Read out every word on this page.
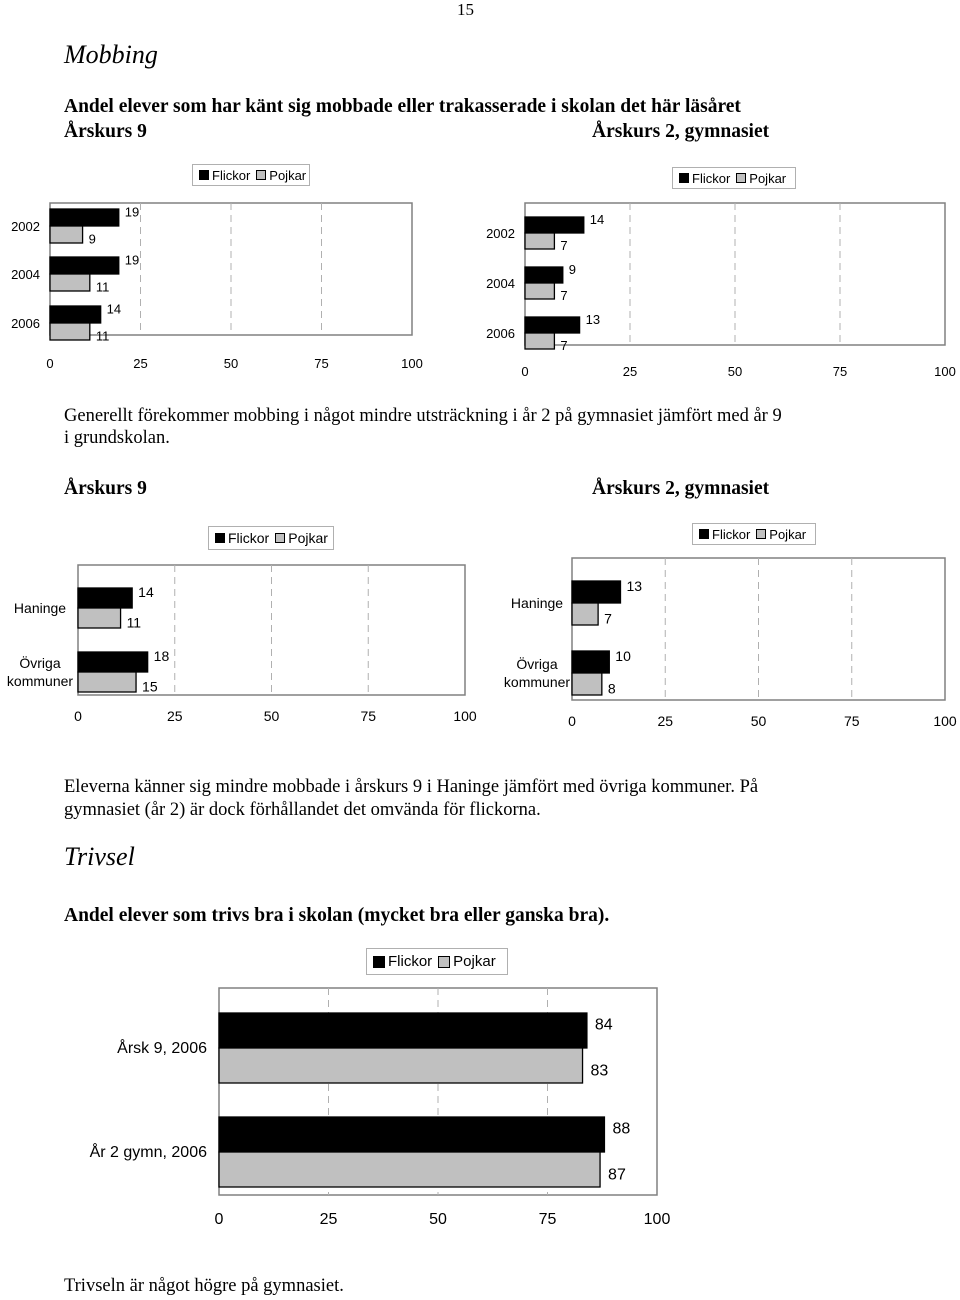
15
Mobbing
Andel elever som har känt sig mobbade eller trakasserade i skolan det här läsåret
Årskurs 9	Årskurs 2, gymnasiet
Flickor Pojkar	Flickor Pojkar
0	25	50	75	100
2002
19
9
2004
19
11
2006
14
11
0	25	50	75	100
2002
14
7
2004
9
7
2006
13
7
Generellt förekommer mobbing i något mindre utsträckning i år 2 på gymnasiet jämfört med år 9
i grundskolan.
Årskurs 9	Årskurs 2, gymnasiet
Flickor Pojkar	Flickor Pojkar
0	25	50	75	100
Haninge
14
11
Övriga
kommuner
18
15
0	25	50	75	100
Haninge
13
7
Övriga
kommuner
10
8
Eleverna känner sig mindre mobbade i årskurs 9 i Haninge jämfört med övriga kommuner. På
gymnasiet (år 2) är dock förhållandet det omvända för flickorna.
Trivsel
Andel elever som trivs bra i skolan (mycket bra eller ganska bra).
Flickor Pojkar
0	25	50	75	100
Årsk 9, 2006
84
83
År 2 gymn, 2006
88
87
Trivseln är något högre på gymnasiet.
